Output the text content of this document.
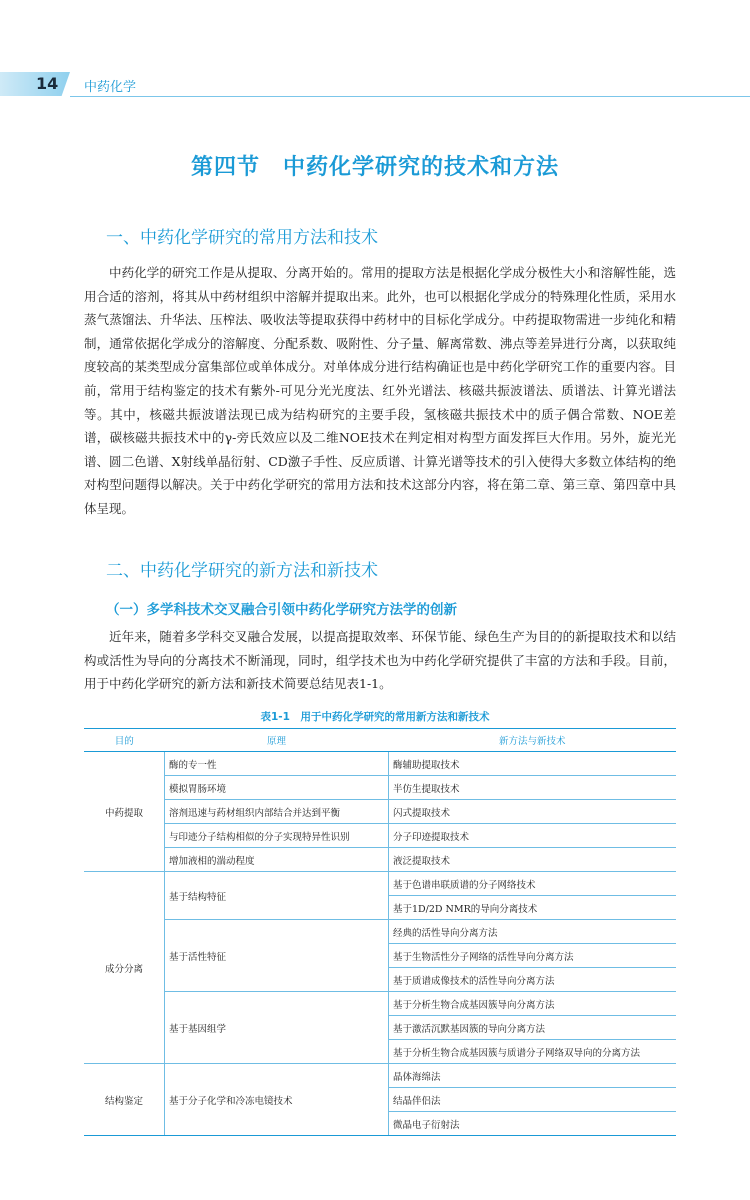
14 中药化学
第四节　中药化学研究的技术和方法
一、中药化学研究的常用方法和技术

中药化学的研究工作是从提取、分离开始的。常用的提取方法是根据化学成分极性大小和溶解性能，选用合适的溶剂，将其从中药材组织中溶解并提取出来。此外，也可以根据化学成分的特殊理化性质，采用水蒸气蒸馏法、升华法、压榨法、吸收法等提取获得中药材中的目标化学成分。中药提取物需进一步纯化和精制，通常依据化学成分的溶解度、分配系数、吸附性、分子量、解离常数、沸点等差异进行分离，以获取纯度较高的某类型成分富集部位或单体成分。对单体成分进行结构确证也是中药化学研究工作的重要内容。目前，常用于结构鉴定的技术有紫外-可见分光光度法、红外光谱法、核磁共振波谱法、质谱法、计算光谱法等。其中，核磁共振波谱法现已成为结构研究的主要手段，氢核磁共振技术中的质子偶合常数、NOE差谱，碳核磁共振技术中的γ-旁氏效应以及二维NOE技术在判定相对构型方面发挥巨大作用。另外，旋光光谱、圆二色谱、X射线单晶衍射、CD激子手性、反应质谱、计算光谱等技术的引入使得大多数立体结构的绝对构型问题得以解决。关于中药化学研究的常用方法和技术这部分内容，将在第二章、第三章、第四章中具体呈现。

二、中药化学研究的新方法和新技术
（一）多学科技术交叉融合引领中药化学研究方法学的创新

近年来，随着多学科交叉融合发展，以提高提取效率、环保节能、绿色生产为目的的新提取技术和以结构或活性为导向的分离技术不断涌现，同时，组学技术也为中药化学研究提供了丰富的方法和手段。目前，用于中药化学研究的新方法和新技术简要总结见表1-1。

表1-1　用于中药化学研究的常用新方法和新技术
目的	原理	新方法与新技术
中药提取	酶的专一性	酶辅助提取技术
	模拟胃肠环境	半仿生提取技术
	溶剂迅速与药材组织内部结合并达到平衡	闪式提取技术
	与印迹分子结构相似的分子实现特异性识别	分子印迹提取技术
	增加液相的湍动程度	液泛提取技术
成分分离	基于结构特征	基于色谱串联质谱的分子网络技术
		基于1D/2D NMR的导向分离技术
	基于活性特征	经典的活性导向分离方法
		基于生物活性分子网络的活性导向分离方法
		基于质谱成像技术的活性导向分离方法
	基于基因组学	基于分析生物合成基因簇导向分离方法
		基于激活沉默基因簇的导向分离方法
		基于分析生物合成基因簇与质谱分子网络双导向的分离方法
结构鉴定	基于分子化学和冷冻电镜技术	晶体海绵法
		结晶伴侣法
		微晶电子衍射法
